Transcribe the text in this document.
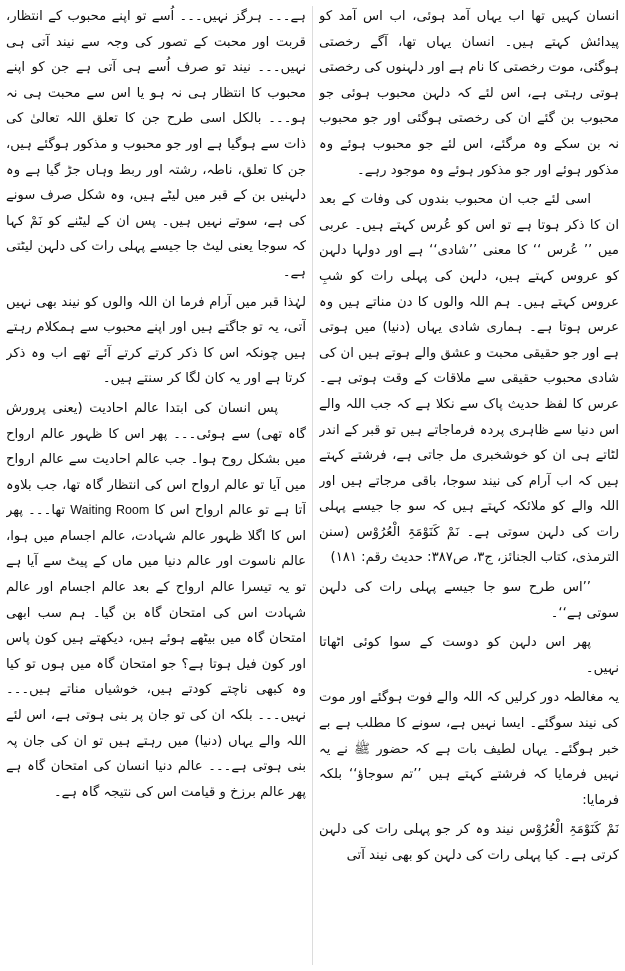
انسان کہیں تھا اب یہاں آمد ہوئی، اب اس آمد کو پیدائش کہتے ہیں۔ انسان یہاں تھا، آگے رخصتی ہوگئی، موت رخصتی کا نام ہے اور دلہنوں کی رخصتی ہوتی رہتی ہے، اس لئے کہ دلہن محبوب ہوئی جو محبوب بن گئے ان کی رخصتی ہوگئی اور جو محبوب نہ بن سکے وہ مرگئے، اس لئے جو محبوب ہوئے وہ مذکور ہوئے اور جو مذکور ہوئے وہ موجود رہے۔

اسی لئے جب ان محبوب بندوں کی وفات کے بعد ان کا ذکر ہوتا ہے تو اس کو عُرس کہتے ہیں۔ عربی میں ’’ عُرس ‘‘ کا معنی ’’شادی‘‘ ہے اور دولہا دلہن کو عروس کہتے ہیں، دلہن کی پہلی رات کو شبِ عروس کہتے ہیں۔ ہم اللہ والوں کا دن مناتے ہیں وہ عرس ہوتا ہے۔ ہماری شادی یہاں (دنیا) میں ہوتی ہے اور جو حقیقی محبت و عشق والے ہوتے ہیں ان کی شادی محبوب حقیقی سے ملاقات کے وقت ہوتی ہے۔ عرس کا لفظ حدیث پاک سے نکلا ہے کہ جب اللہ والے اس دنیا سے ظاہری پردہ فرماجاتے ہیں تو قبر کے اندر لٹاتے ہی ان کو خوشخبری مل جاتی ہے، فرشتے کہتے ہیں کہ اب آرام کی نیند سوجا، باقی مرجاتے ہیں اور اللہ والے کو ملائکہ کہتے ہیں کہ سو جا جیسے پہلی رات کی دلہن سوتی ہے۔ نَمْ کَنَوْمَۃِ الْعُرُوْس (سنن الترمذی، کتاب الجنائز، ج۳، ص۳۸۷: حدیث رقم: ۱۸۱)

’’اس طرح سو جا جیسے پہلی رات کی دلہن سوتی ہے‘‘۔

پھر اس دلہن کو دوست کے سوا کوئی اٹھاتا نہیں۔

یہ مغالطہ دور کرلیں کہ اللہ والے فوت ہوگئے اور موت کی نیند سوگئے۔ ایسا نہیں ہے، سونے کا مطلب ہے بے خبر ہوگئے۔ یہاں لطیف بات ہے کہ حضور ﷺ نے یہ نہیں فرمایا کہ فرشتے کہتے ہیں ’’تم سوجاؤ‘‘ بلکہ فرمایا:

نَمْ کَنَوْمَۃِ الْعُرُوْس نیند وہ کر جو پہلی رات کی دلہن کرتی ہے۔ کیا پہلی رات کی دلہن کو بھی نیند آتی

ہے۔۔۔ ہرگز نہیں۔۔۔ اُسے تو اپنے محبوب کے انتظار، قربت اور محبت کے تصور کی وجہ سے نیند آتی ہی نہیں۔۔۔ نیند تو صرف اُسے ہی آتی ہے جن کو اپنے محبوب کا انتظار ہی نہ ہو یا اس سے محبت ہی نہ ہو۔۔۔ بالکل اسی طرح جن کا تعلق اللہ تعالیٰ کی ذات سے ہوگیا ہے اور جو محبوب و مذکور ہوگئے ہیں، جن کا تعلق، ناطہ، رشتہ اور ربط وہاں جڑ گیا ہے وہ دلہنیں بن کے قبر میں لیٹے ہیں، وہ شکل صرف سونے کی ہے، سوتے نہیں ہیں۔ پس ان کے لیٹنے کو نَمْ کہا کہ سوجا یعنی لیٹ جا جیسے پہلی رات کی دلہن لیٹتی ہے۔

لہٰذا قبر میں آرام فرما ان اللہ والوں کو نیند بھی نہیں آتی، یہ تو جاگتے ہیں اور اپنے محبوب سے ہمکلام رہتے ہیں چونکہ اس کا ذکر کرتے کرتے آئے تھے اب وہ ذکر کرتا ہے اور یہ کان لگا کر سنتے ہیں۔

پس انسان کی ابتدا عالم احادیت (یعنی پرورش گاہ تھی) سے ہوئی۔۔۔ پھر اس کا ظہور عالم ارواح میں بشکل روح ہوا۔ جب عالم احادیت سے عالم ارواح میں آیا تو عالم ارواح اس کی انتظار گاہ تھا، جب بلاوہ آتا ہے تو عالم ارواح اس کا Waiting Room تھا۔۔۔ پھر اس کا اگلا ظہور عالم شہادت، عالم اجسام میں ہوا، عالم ناسوت اور عالم دنیا میں ماں کے پیٹ سے آیا ہے تو یہ تیسرا عالم ارواح کے بعد عالم اجسام اور عالم شہادت اس کی امتحان گاہ بن گیا۔ ہم سب ابھی امتحان گاہ میں بیٹھے ہوئے ہیں، دیکھتے ہیں کون پاس اور کون فیل ہوتا ہے؟ جو امتحان گاہ میں ہوں تو کیا وہ کبھی ناچتے کودتے ہیں، خوشیاں مناتے ہیں۔۔۔ نہیں۔۔۔ بلکہ ان کی تو جان پر بنی ہوتی ہے، اس لئے اللہ والے یہاں (دنیا) میں رہتے ہیں تو ان کی جان پہ بنی ہوتی ہے۔۔۔ عالم دنیا انسان کی امتحان گاہ ہے پھر عالم برزخ و قیامت اس کی نتیجہ گاہ ہے۔
